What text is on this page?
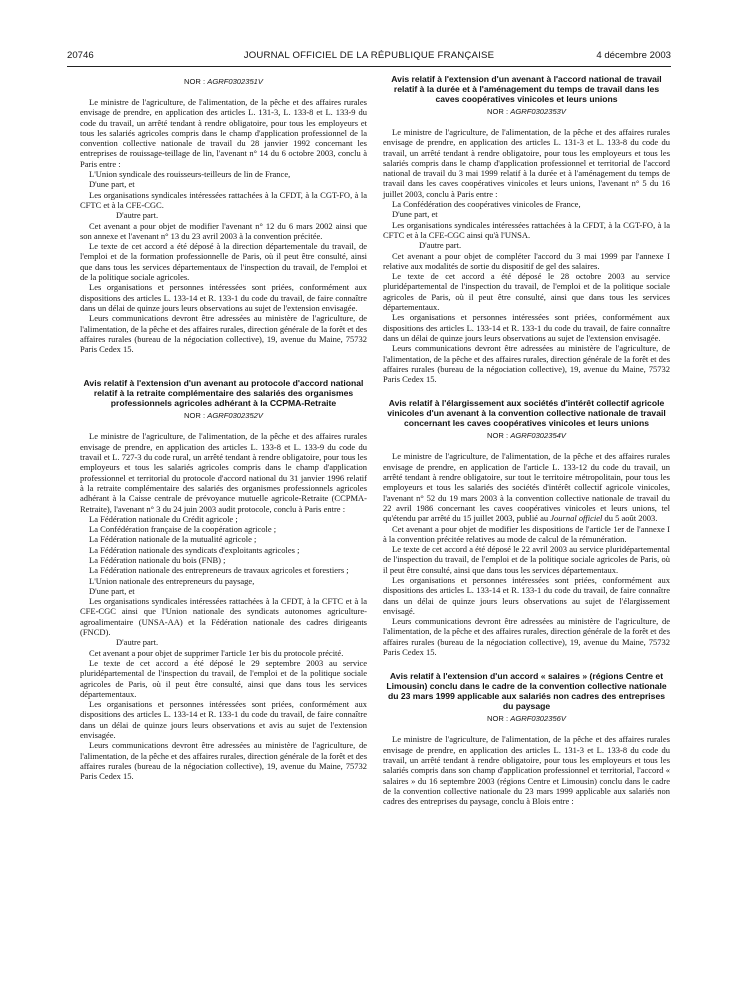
20746	JOURNAL OFFICIEL DE LA RÉPUBLIQUE FRANÇAISE	4 décembre 2003
NOR : AGRF0302351V

Le ministre de l'agriculture, de l'alimentation, de la pêche et des affaires rurales envisage de prendre, en application des articles L. 131-3, L. 133-8 et L. 133-9 du code du travail, un arrêté tendant à rendre obligatoire, pour tous les employeurs et tous les salariés agricoles compris dans le champ d'application professionnel de la convention collective nationale de travail du 28 janvier 1992 concernant les entreprises de rouissage-teillage de lin, l'avenant n° 14 du 6 octobre 2003, conclu à Paris entre :

L'Union syndicale des rouisseurs-teilleurs de lin de France,

D'une part, et

Les organisations syndicales intéressées rattachées à la CFDT, à la CGT-FO, à la CFTC et à la CFE-CGC.

D'autre part.

Cet avenant a pour objet de modifier l'avenant n° 12 du 6 mars 2002 ainsi que son annexe et l'avenant n° 13 du 23 avril 2003 à la convention précitée.

Le texte de cet accord a été déposé à la direction départementale du travail, de l'emploi et de la formation professionnelle de Paris, où il peut être consulté, ainsi que dans tous les services départementaux de l'inspection du travail, de l'emploi et de la politique sociale agricoles.

Les organisations et personnes intéressées sont priées, conformément aux dispositions des articles L. 133-14 et R. 133-1 du code du travail, de faire connaître dans un délai de quinze jours leurs observations au sujet de l'extension envisagée.

Leurs communications devront être adressées au ministère de l'agriculture, de l'alimentation, de la pêche et des affaires rurales, direction générale de la forêt et des affaires rurales (bureau de la négociation collective), 19, avenue du Maine, 75732 Paris Cedex 15.

Avis relatif à l'extension d'un avenant au protocole d'accord national relatif à la retraite complémentaire des salariés des organismes professionnels agricoles adhérant à la CCPMA-Retraite
NOR : AGRF0302352V

Le ministre de l'agriculture, de l'alimentation, de la pêche et des affaires rurales envisage de prendre, en application des articles L. 133-8 et L. 133-9 du code du travail et L. 727-3 du code rural, un arrêté tendant à rendre obligatoire, pour tous les employeurs et tous les salariés agricoles compris dans le champ d'application professionnel et territorial du protocole d'accord national du 31 janvier 1996 relatif à la retraite complémentaire des salariés des organismes professionnels agricoles adhérant à la Caisse centrale de prévoyance mutuelle agricole-Retraite (CCPMA-Retraite), l'avenant n° 3 du 24 juin 2003 audit protocole, conclu à Paris entre :

La Fédération nationale du Crédit agricole ;

La Confédération française de la coopération agricole ;

La Fédération nationale de la mutualité agricole ;

La Fédération nationale des syndicats d'exploitants agricoles ;

La Fédération nationale du bois (FNB) ;

La Fédération nationale des entrepreneurs de travaux agricoles et forestiers ;

L'Union nationale des entrepreneurs du paysage,

D'une part, et

Les organisations syndicales intéressées rattachées à la CFDT, à la CFTC et à la CFE-CGC ainsi que l'Union nationale des syndicats autonomes agriculture-agroalimentaire (UNSA-AA) et la Fédération nationale des cadres dirigeants (FNCD).

D'autre part.

Cet avenant a pour objet de supprimer l'article 1er bis du protocole précité.

Le texte de cet accord a été déposé le 29 septembre 2003 au service pluridépartemental de l'inspection du travail, de l'emploi et de la politique sociale agricoles de Paris, où il peut être consulté, ainsi que dans tous les services départementaux.

Les organisations et personnes intéressées sont priées, conformément aux dispositions des articles L. 133-14 et R. 133-1 du code du travail, de faire connaître dans un délai de quinze jours leurs observations et avis au sujet de l'extension envisagée.

Leurs communications devront être adressées au ministère de l'agriculture, de l'alimentation, de la pêche et des affaires rurales, direction générale de la forêt et des affaires rurales (bureau de la négociation collective), 19, avenue du Maine, 75732 Paris Cedex 15.

Avis relatif à l'extension d'un avenant à l'accord national de travail relatif à la durée et à l'aménagement du temps de travail dans les caves coopératives vinicoles et leurs unions
NOR : AGRF0302353V

Le ministre de l'agriculture, de l'alimentation, de la pêche et des affaires rurales envisage de prendre, en application des articles L. 131-3 et L. 133-8 du code du travail, un arrêté tendant à rendre obligatoire, pour tous les employeurs et tous les salariés compris dans le champ d'application professionnel et territorial de l'accord national de travail du 3 mai 1999 relatif à la durée et à l'aménagement du temps de travail dans les caves coopératives vinicoles et leurs unions, l'avenant n° 5 du 16 juillet 2003, conclu à Paris entre :

La Confédération des coopératives vinicoles de France,

D'une part, et

Les organisations syndicales intéressées rattachées à la CFDT, à la CGT-FO, à la CFTC et à la CFE-CGC ainsi qu'à l'UNSA.

D'autre part.

Cet avenant a pour objet de compléter l'accord du 3 mai 1999 par l'annexe I relative aux modalités de sortie du dispositif de gel des salaires.

Le texte de cet accord a été déposé le 28 octobre 2003 au service pluridépartemental de l'inspection du travail, de l'emploi et de la politique sociale agricoles de Paris, où il peut être consulté, ainsi que dans tous les services départementaux.

Les organisations et personnes intéressées sont priées, conformément aux dispositions des articles L. 133-14 et R. 133-1 du code du travail, de faire connaître dans un délai de quinze jours leurs observations au sujet de l'extension envisagée.

Leurs communications devront être adressées au ministère de l'agriculture, de l'alimentation, de la pêche et des affaires rurales, direction générale de la forêt et des affaires rurales (bureau de la négociation collective), 19, avenue du Maine, 75732 Paris Cedex 15.

Avis relatif à l'élargissement aux sociétés d'intérêt collectif agricole vinicoles d'un avenant à la convention collective nationale de travail concernant les caves coopératives vinicoles et leurs unions
NOR : AGRF0302354V

Le ministre de l'agriculture, de l'alimentation, de la pêche et des affaires rurales envisage de prendre, en application de l'article L. 133-12 du code du travail, un arrêté tendant à rendre obligatoire, sur tout le territoire métropolitain, pour tous les employeurs et tous les salariés des sociétés d'intérêt collectif agricole vinicoles, l'avenant n° 52 du 19 mars 2003 à la convention collective nationale de travail du 22 avril 1986 concernant les caves coopératives vinicoles et leurs unions, tel qu'étendu par arrêté du 15 juillet 2003, publié au Journal officiel du 5 août 2003.

Cet avenant a pour objet de modifier les dispositions de l'article 1er de l'annexe I à la convention précitée relatives au mode de calcul de la rémunération.

Le texte de cet accord a été déposé le 22 avril 2003 au service pluridépartemental de l'inspection du travail, de l'emploi et de la politique sociale agricoles de Paris, où il peut être consulté, ainsi que dans tous les services départementaux.

Les organisations et personnes intéressées sont priées, conformément aux dispositions des articles L. 133-14 et R. 133-1 du code du travail, de faire connaître dans un délai de quinze jours leurs observations au sujet de l'élargissement envisagé.

Leurs communications devront être adressées au ministère de l'agriculture, de l'alimentation, de la pêche et des affaires rurales, direction générale de la forêt et des affaires rurales (bureau de la négociation collective), 19, avenue du Maine, 75732 Paris Cedex 15.

Avis relatif à l'extension d'un accord « salaires » (régions Centre et Limousin) conclu dans le cadre de la convention collective nationale du 23 mars 1999 applicable aux salariés non cadres des entreprises du paysage
NOR : AGRF0302356V

Le ministre de l'agriculture, de l'alimentation, de la pêche et des affaires rurales envisage de prendre, en application des articles L. 131-3 et L. 133-8 du code du travail, un arrêté tendant à rendre obligatoire, pour tous les employeurs et tous les salariés compris dans son champ d'application professionnel et territorial, l'accord « salaires » du 16 septembre 2003 (régions Centre et Limousin) conclu dans le cadre de la convention collective nationale du 23 mars 1999 applicable aux salariés non cadres des entreprises du paysage, conclu à Blois entre :
